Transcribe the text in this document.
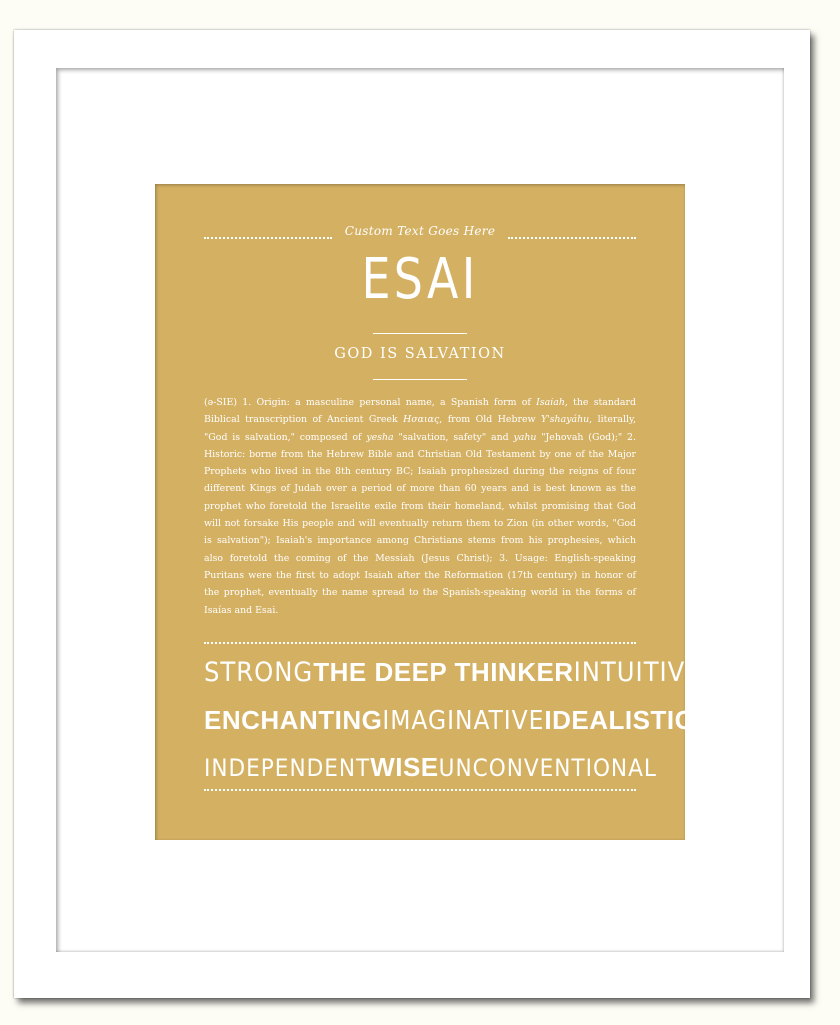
Custom Text Goes Here
ESAI
GOD IS SALVATION

(ə-SIE) 1. Origin: a masculine personal name, a Spanish form of Isaiah, the standard Biblical transcription of Ancient Greek Ησαιας, from Old Hebrew Y'shayáhu, literally, "God is salvation," composed of yesha "salvation, safety" and yahu "Jehovah (God);" 2. Historic: borne from the Hebrew Bible and Christian Old Testament by one of the Major Prophets who lived in the 8th century BC; Isaiah prophesized during the reigns of four different Kings of Judah over a period of more than 60 years and is best known as the prophet who foretold the Israelite exile from their homeland, whilst promising that God will not forsake His people and will eventually return them to Zion (in other words, "God is salvation"); Isaiah's importance among Christians stems from his prophesies, which also foretold the coming of the Messiah (Jesus Christ); 3. Usage: English-speaking Puritans were the first to adopt Isaiah after the Reformation (17th century) in honor of the prophet, eventually the name spread to the Spanish-speaking world in the forms of Isaías and Esai.

STRONG THE DEEP THINKER INTUITIVE
ENCHANTING IMAGINATIVE IDEALISTIC
INDEPENDENT WISE UNCONVENTIONAL
